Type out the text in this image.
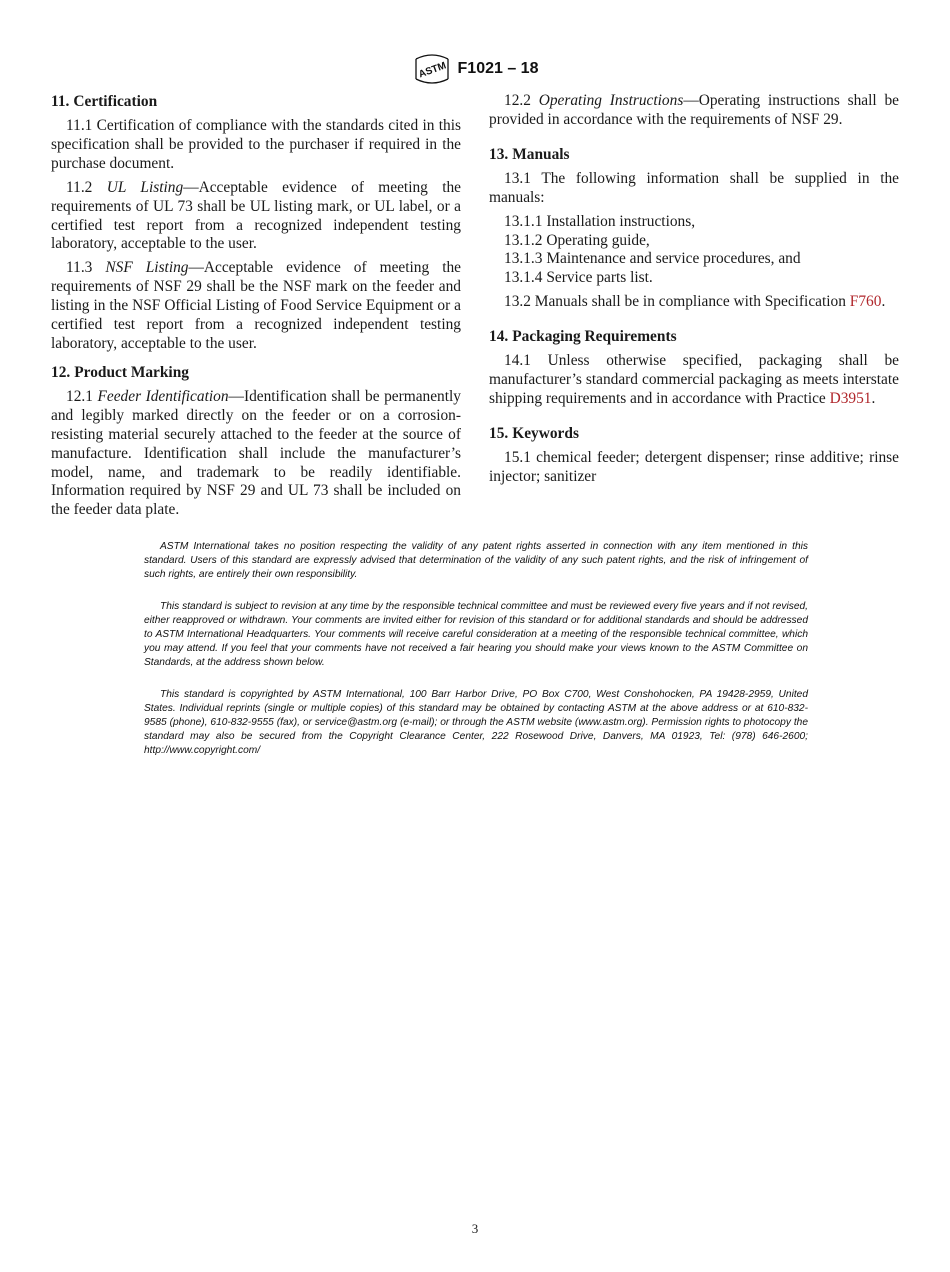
ASTM F1021 – 18
11. Certification

11.1 Certification of compliance with the standards cited in this specification shall be provided to the purchaser if required in the purchase document.

11.2 UL Listing—Acceptable evidence of meeting the requirements of UL 73 shall be UL listing mark, or UL label, or a certified test report from a recognized independent testing laboratory, acceptable to the user.

11.3 NSF Listing—Acceptable evidence of meeting the requirements of NSF 29 shall be the NSF mark on the feeder and listing in the NSF Official Listing of Food Service Equipment or a certified test report from a recognized independent testing laboratory, acceptable to the user.

12. Product Marking

12.1 Feeder Identification—Identification shall be permanently and legibly marked directly on the feeder or on a corrosion-resisting material securely attached to the feeder at the source of manufacture. Identification shall include the manufacturer’s model, name, and trademark to be readily identifiable. Information required by NSF 29 and UL 73 shall be included on the feeder data plate.

12.2 Operating Instructions—Operating instructions shall be provided in accordance with the requirements of NSF 29.

13. Manuals

13.1 The following information shall be supplied in the manuals:

13.1.1 Installation instructions,

13.1.2 Operating guide,

13.1.3 Maintenance and service procedures, and

13.1.4 Service parts list.

13.2 Manuals shall be in compliance with Specification F760.

14. Packaging Requirements

14.1 Unless otherwise specified, packaging shall be manufacturer’s standard commercial packaging as meets interstate shipping requirements and in accordance with Practice D3951.

15. Keywords

15.1 chemical feeder; detergent dispenser; rinse additive; rinse injector; sanitizer

ASTM International takes no position respecting the validity of any patent rights asserted in connection with any item mentioned in this standard. Users of this standard are expressly advised that determination of the validity of any such patent rights, and the risk of infringement of such rights, are entirely their own responsibility.

This standard is subject to revision at any time by the responsible technical committee and must be reviewed every five years and if not revised, either reapproved or withdrawn. Your comments are invited either for revision of this standard or for additional standards and should be addressed to ASTM International Headquarters. Your comments will receive careful consideration at a meeting of the responsible technical committee, which you may attend. If you feel that your comments have not received a fair hearing you should make your views known to the ASTM Committee on Standards, at the address shown below.

This standard is copyrighted by ASTM International, 100 Barr Harbor Drive, PO Box C700, West Conshohocken, PA 19428-2959, United States. Individual reprints (single or multiple copies) of this standard may be obtained by contacting ASTM at the above address or at 610-832-9585 (phone), 610-832-9555 (fax), or service@astm.org (e-mail); or through the ASTM website (www.astm.org). Permission rights to photocopy the standard may also be secured from the Copyright Clearance Center, 222 Rosewood Drive, Danvers, MA 01923, Tel: (978) 646-2600; http://www.copyright.com/

3
